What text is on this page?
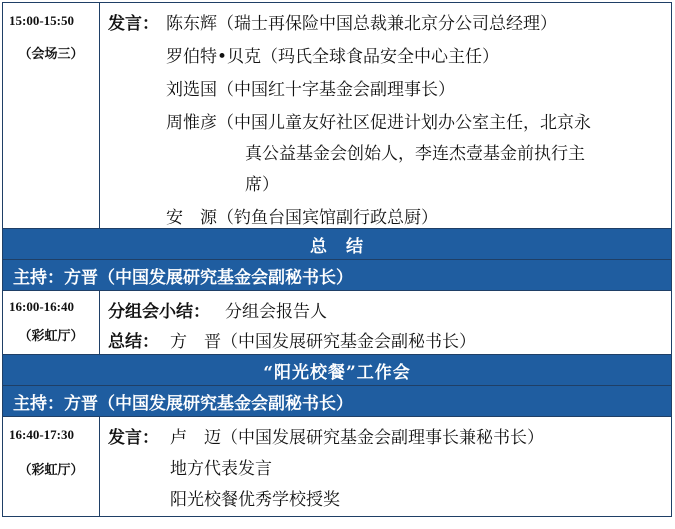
15:00-15:50
（会场三）
发言： 陈东辉（瑞士再保险中国总裁兼北京分公司总经理）
罗伯特•贝克（玛氏全球食品安全中心主任）
刘选国（中国红十字基金会副理事长）
周惟彦（中国儿童友好社区促进计划办公室主任，北京永
真公益基金会创始人，李连杰壹基金前执行主
席）
安　源（钓鱼台国宾馆副行政总厨）
总　结
主持：方晋（中国发展研究基金会副秘书长）
16:00-16:40
（彩虹厅）
分组会小结： 分组会报告人
总结： 方　晋（中国发展研究基金会副秘书长）
“阳光校餐”工作会
主持：方晋（中国发展研究基金会副秘书长）
16:40-17:30
（彩虹厅）
发言： 卢　迈（中国发展研究基金会副理事长兼秘书长）
地方代表发言
阳光校餐优秀学校授奖
